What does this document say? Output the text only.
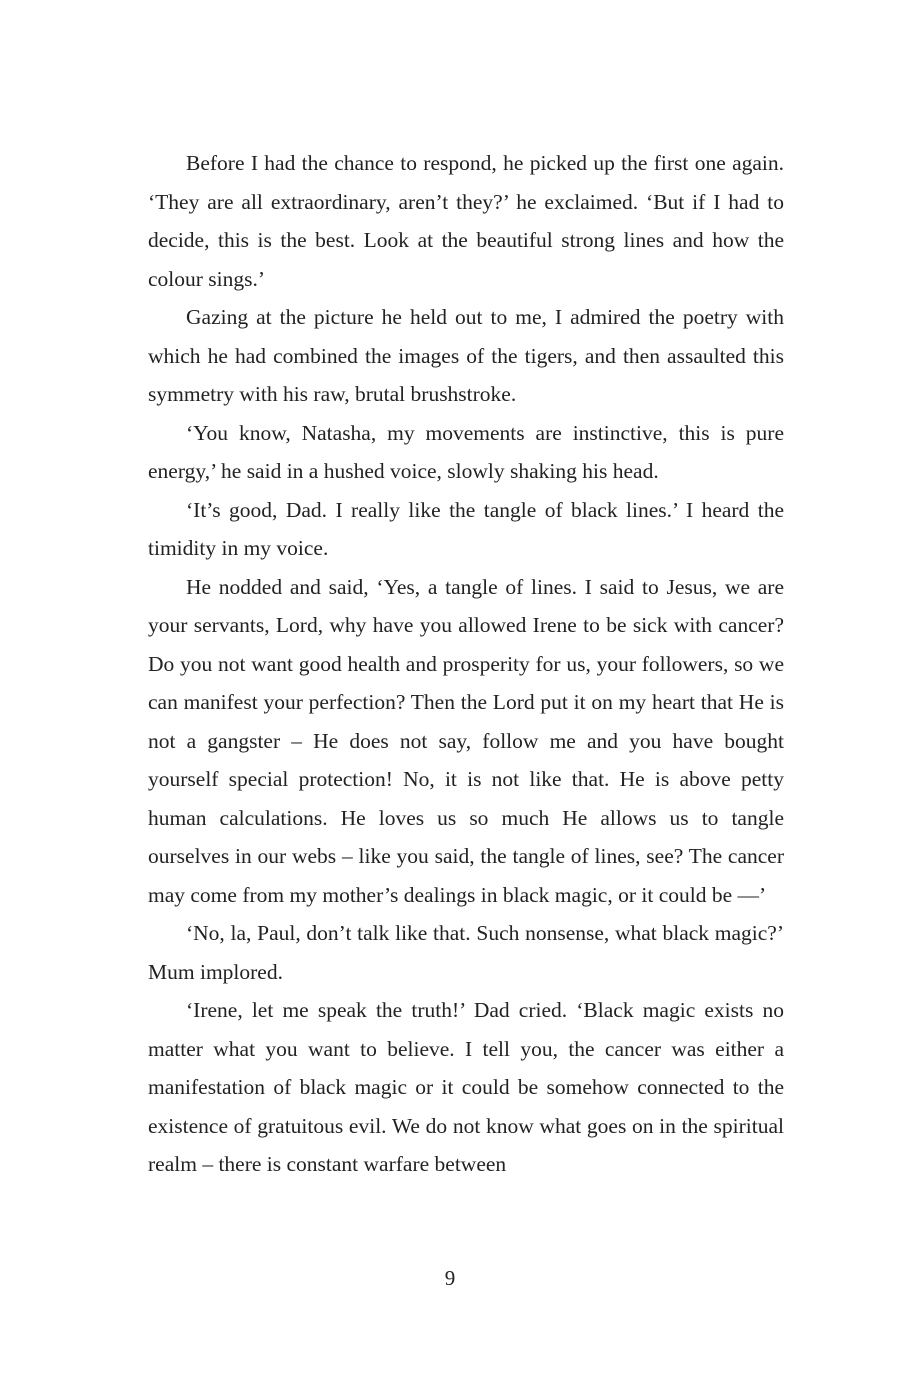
Before I had the chance to respond, he picked up the first one again. ‘They are all extraordinary, aren’t they?’ he exclaimed. ‘But if I had to decide, this is the best. Look at the beautiful strong lines and how the colour sings.’

Gazing at the picture he held out to me, I admired the poetry with which he had combined the images of the tigers, and then assaulted this symmetry with his raw, brutal brushstroke.

‘You know, Natasha, my movements are instinctive, this is pure energy,’ he said in a hushed voice, slowly shaking his head.

‘It’s good, Dad. I really like the tangle of black lines.’ I heard the timidity in my voice.

He nodded and said, ‘Yes, a tangle of lines. I said to Jesus, we are your servants, Lord, why have you allowed Irene to be sick with cancer? Do you not want good health and prosperity for us, your followers, so we can manifest your perfection? Then the Lord put it on my heart that He is not a gangster – He does not say, follow me and you have bought yourself special protection! No, it is not like that. He is above petty human calculations. He loves us so much He allows us to tangle ourselves in our webs – like you said, the tangle of lines, see? The cancer may come from my mother’s dealings in black magic, or it could be —’

‘No, la, Paul, don’t talk like that. Such nonsense, what black magic?’ Mum implored.

‘Irene, let me speak the truth!’ Dad cried. ‘Black magic exists no matter what you want to believe. I tell you, the cancer was either a manifestation of black magic or it could be somehow connected to the existence of gratuitous evil. We do not know what goes on in the spiritual realm – there is constant warfare between

9
